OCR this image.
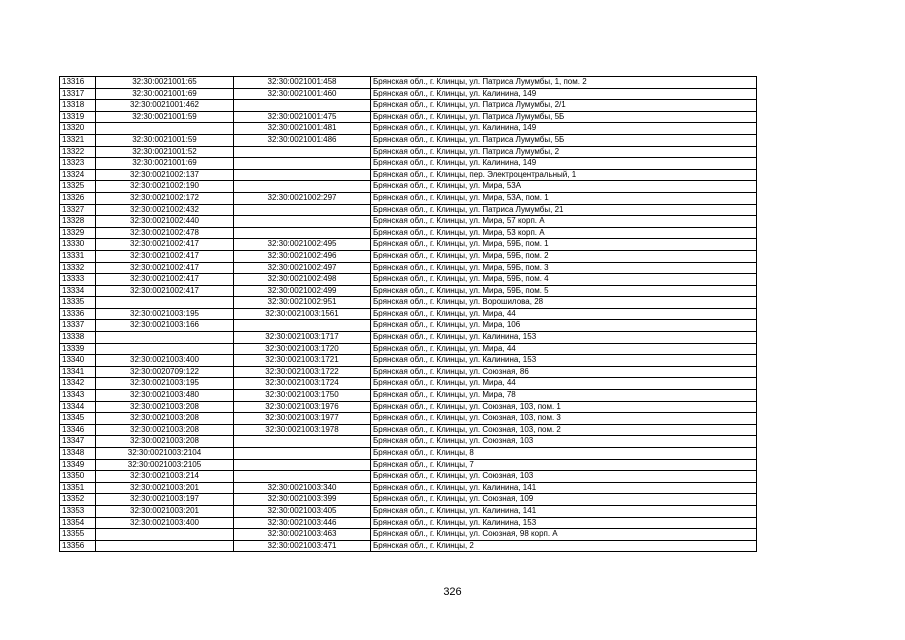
13316	32:30:0021001:65	32:30:0021001:458	Брянская обл., г. Клинцы, ул. Патриса Лумумбы, 1, пом. 2
13317	32:30:0021001:69	32:30:0021001:460	Брянская обл., г. Клинцы, ул. Калинина, 149
13318	32:30:0021001:462		Брянская обл., г. Клинцы, ул. Патриса Лумумбы, 2/1
13319	32:30:0021001:59	32:30:0021001:475	Брянская обл., г. Клинцы, ул. Патриса Лумумбы, 5Б
13320		32:30:0021001:481	Брянская обл., г. Клинцы, ул. Калинина, 149
13321	32:30:0021001:59	32:30:0021001:486	Брянская обл., г. Клинцы, ул. Патриса Лумумбы, 5Б
13322	32:30:0021001:52		Брянская обл., г. Клинцы, ул. Патриса Лумумбы, 2
13323	32:30:0021001:69		Брянская обл., г. Клинцы, ул. Калинина, 149
13324	32:30:0021002:137		Брянская обл., г. Клинцы, пер. Электроцентральный, 1
13325	32:30:0021002:190		Брянская обл., г. Клинцы, ул. Мира, 53А
13326	32:30:0021002:172	32:30:0021002:297	Брянская обл., г. Клинцы, ул. Мира, 53А, пом. 1
13327	32:30:0021002:432		Брянская обл., г. Клинцы, ул. Патриса Лумумбы, 21
13328	32:30:0021002:440		Брянская обл., г. Клинцы, ул. Мира, 57 корп. А
13329	32:30:0021002:478		Брянская обл., г. Клинцы, ул. Мира, 53 корп. А
13330	32:30:0021002:417	32:30:0021002:495	Брянская обл., г. Клинцы, ул. Мира, 59Б, пом. 1
13331	32:30:0021002:417	32:30:0021002:496	Брянская обл., г. Клинцы, ул. Мира, 59Б, пом. 2
13332	32:30:0021002:417	32:30:0021002:497	Брянская обл., г. Клинцы, ул. Мира, 59Б, пом. 3
13333	32:30:0021002:417	32:30:0021002:498	Брянская обл., г. Клинцы, ул. Мира, 59Б, пом. 4
13334	32:30:0021002:417	32:30:0021002:499	Брянская обл., г. Клинцы, ул. Мира, 59Б, пом. 5
13335		32:30:0021002:951	Брянская обл., г. Клинцы, ул. Ворошилова, 28
13336	32:30:0021003:195	32:30:0021003:1561	Брянская обл., г. Клинцы, ул. Мира, 44
13337	32:30:0021003:166		Брянская обл., г. Клинцы, ул. Мира, 106
13338		32:30:0021003:1717	Брянская обл., г. Клинцы, ул. Калинина, 153
13339		32:30:0021003:1720	Брянская обл., г. Клинцы, ул. Мира, 44
13340	32:30:0021003:400	32:30:0021003:1721	Брянская обл., г. Клинцы, ул. Калинина, 153
13341	32:30:0020709:122	32:30:0021003:1722	Брянская обл., г. Клинцы, ул. Союзная, 86
13342	32:30:0021003:195	32:30:0021003:1724	Брянская обл., г. Клинцы, ул. Мира, 44
13343	32:30:0021003:480	32:30:0021003:1750	Брянская обл., г. Клинцы, ул. Мира, 78
13344	32:30:0021003:208	32:30:0021003:1976	Брянская обл., г. Клинцы, ул. Союзная, 103, пом. 1
13345	32:30:0021003:208	32:30:0021003:1977	Брянская обл., г. Клинцы, ул. Союзная, 103, пом. 3
13346	32:30:0021003:208	32:30:0021003:1978	Брянская обл., г. Клинцы, ул. Союзная, 103, пом. 2
13347	32:30:0021003:208		Брянская обл., г. Клинцы, ул. Союзная, 103
13348	32:30:0021003:2104		Брянская обл., г. Клинцы, 8
13349	32:30:0021003:2105		Брянская обл., г. Клинцы, 7
13350	32:30:0021003:214		Брянская обл., г. Клинцы, ул. Союзная, 103
13351	32:30:0021003:201	32:30:0021003:340	Брянская обл., г. Клинцы, ул. Калинина, 141
13352	32:30:0021003:197	32:30:0021003:399	Брянская обл., г. Клинцы, ул. Союзная, 109
13353	32:30:0021003:201	32:30:0021003:405	Брянская обл., г. Клинцы, ул. Калинина, 141
13354	32:30:0021003:400	32:30:0021003:446	Брянская обл., г. Клинцы, ул. Калинина, 153
13355		32:30:0021003:463	Брянская обл., г. Клинцы, ул. Союзная, 98 корп. А
13356		32:30:0021003:471	Брянская обл., г. Клинцы, 2
326
